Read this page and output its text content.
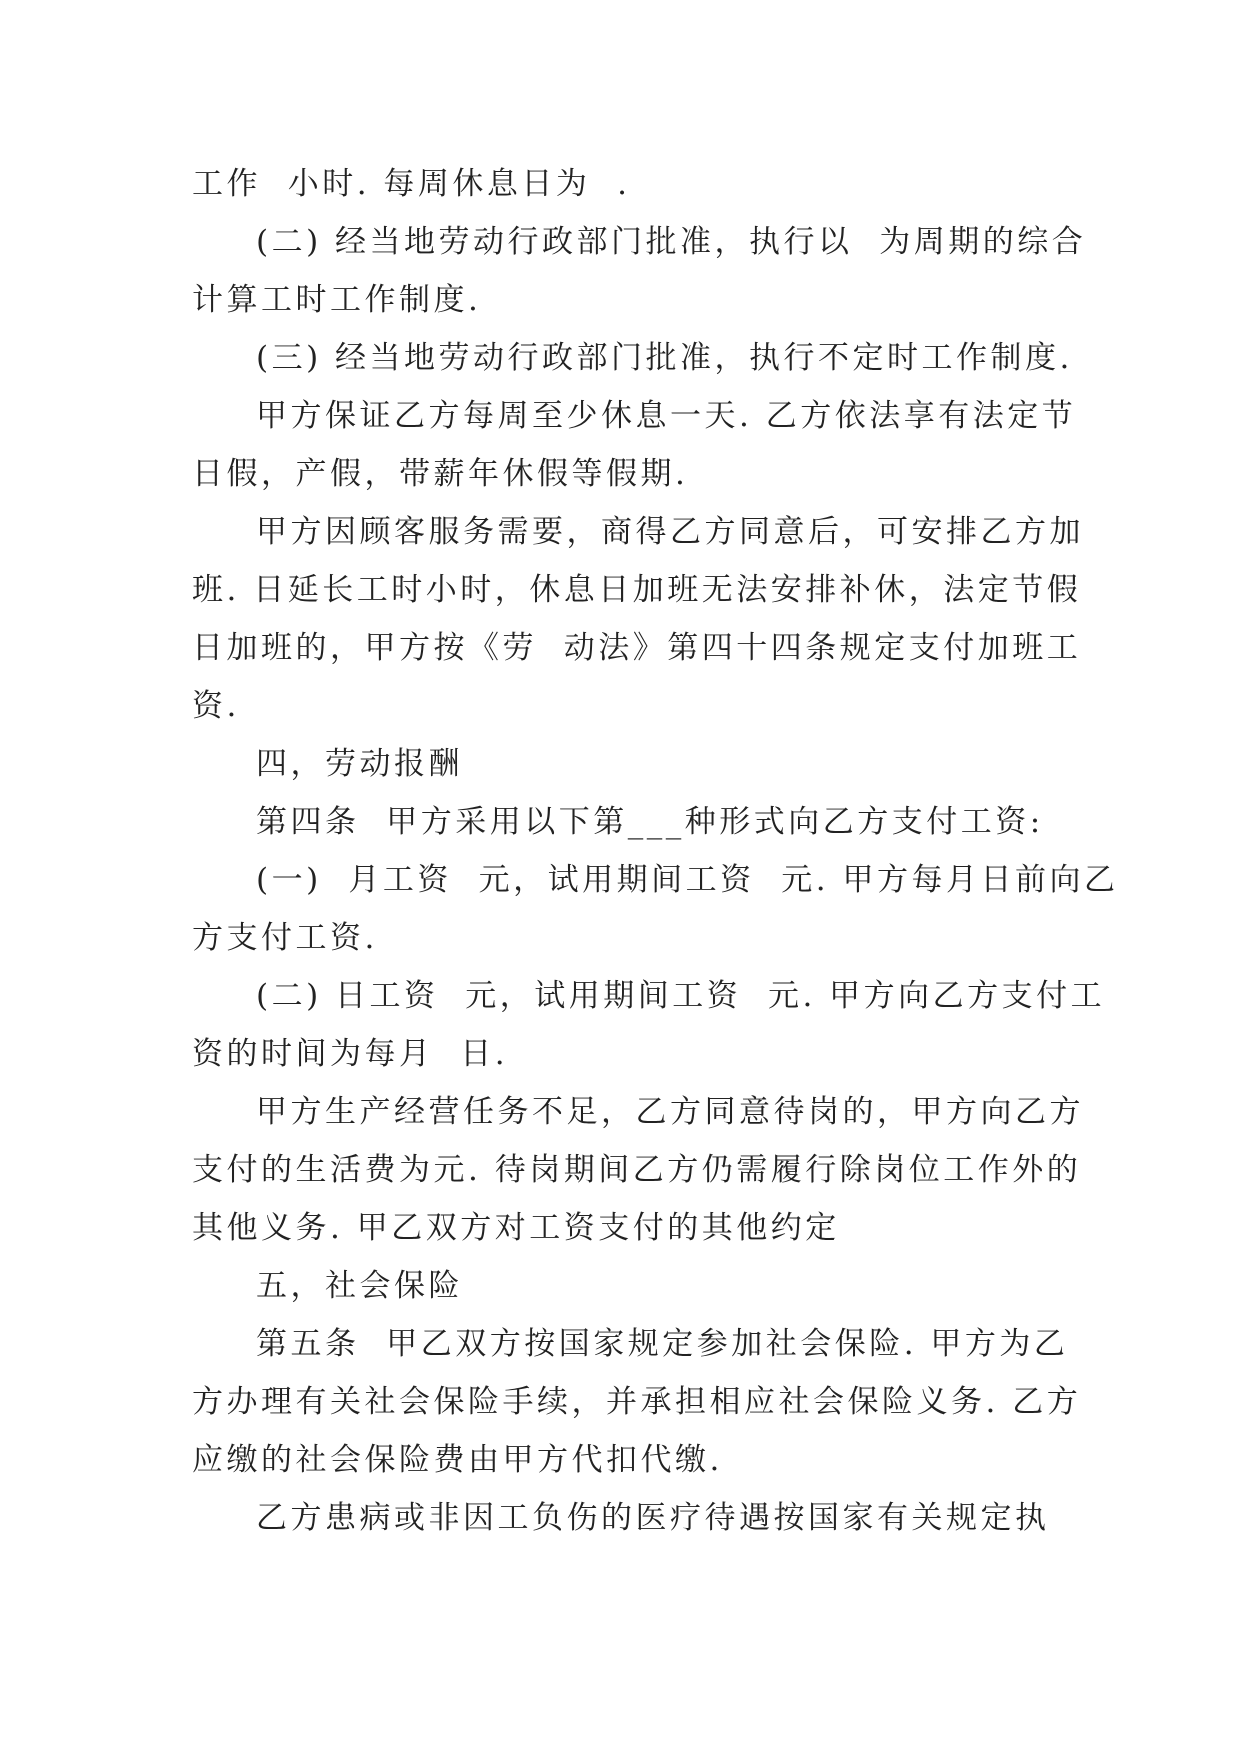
工作  小时. 每周休息日为  .
(二) 经当地劳动行政部门批准，执行以  为周期的综合
计算工时工作制度.
(三) 经当地劳动行政部门批准，执行不定时工作制度.
甲方保证乙方每周至少休息一天. 乙方依法享有法定节
日假，产假，带薪年休假等假期.
甲方因顾客服务需要，商得乙方同意后，可安排乙方加
班. 日延长工时小时，休息日加班无法安排补休，法定节假
日加班的，甲方按《劳  动法》第四十四条规定支付加班工
资.
四，劳动报酬
第四条  甲方采用以下第___种形式向乙方支付工资:
(一)  月工资  元，试用期间工资  元. 甲方每月日前向乙
方支付工资.
(二) 日工资  元，试用期间工资  元. 甲方向乙方支付工
资的时间为每月  日.
甲方生产经营任务不足，乙方同意待岗的，甲方向乙方
支付的生活费为元. 待岗期间乙方仍需履行除岗位工作外的
其他义务. 甲乙双方对工资支付的其他约定
五，社会保险
第五条  甲乙双方按国家规定参加社会保险. 甲方为乙
方办理有关社会保险手续，并承担相应社会保险义务. 乙方
应缴的社会保险费由甲方代扣代缴.
乙方患病或非因工负伤的医疗待遇按国家有关规定执
